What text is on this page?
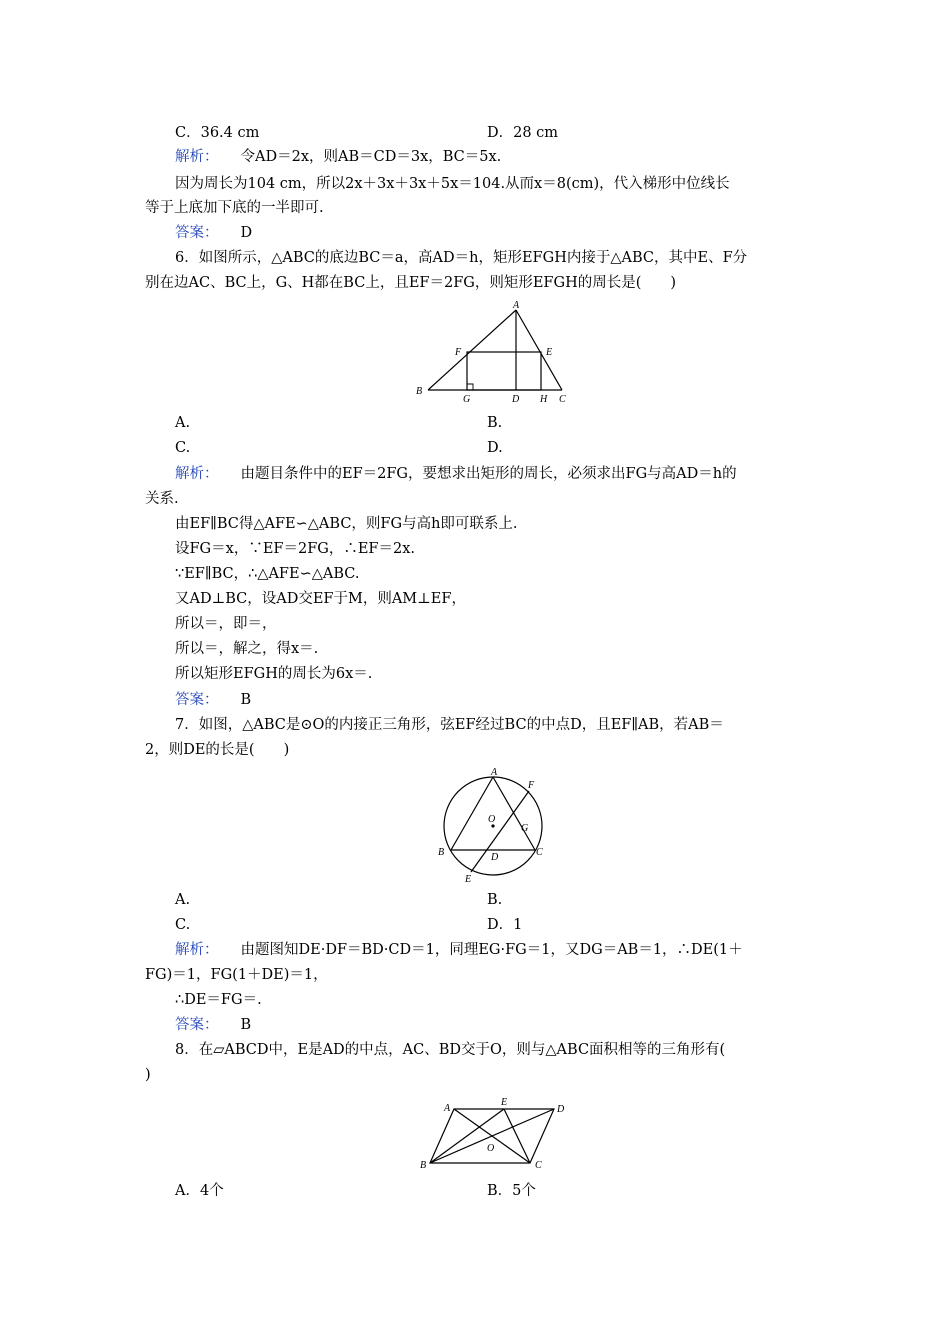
C．36.4 cm	D．28 cm
解析： 令AD＝2x，则AB＝CD＝3x，BC＝5x.
因为周长为104 cm，所以2x＋3x＋3x＋5x＝104.从而x＝8(cm)，代入梯形中位线长
等于上底加下底的一半即可.
答案： D
6．如图所示，△ABC的底边BC＝a，高AD＝h，矩形EFGH内接于△ABC，其中E、F分
别在边AC、BC上，G、H都在BC上，且EF＝2FG，则矩形EFGH的周长是(　　)
A
F	E
B
G	D H C
A.	B.
C.	D.
解析： 由题目条件中的EF＝2FG，要想求出矩形的周长，必须求出FG与高AD＝h的
关系.
由EF∥BC得△AFE∽△ABC，则FG与高h即可联系上.
设FG＝x，∵EF＝2FG，∴EF＝2x.
∵EF∥BC，∴△AFE∽△ABC.
又AD⊥BC，设AD交EF于M，则AM⊥EF，
所以＝，即＝，
所以＝，解之，得x＝.
所以矩形EFGH的周长为6x＝.
答案： B
7．如图，△ABC是⊙O的内接正三角形，弦EF经过BC的中点D，且EF∥AB，若AB＝
2，则DE的长是(　　)
A
F
O
G
B	D	C
E
A.	B.
C.	D．1
解析： 由题图知DE·DF＝BD·CD＝1，同理EG·FG＝1，又DG＝AB＝1，∴DE(1＋
FG)＝1，FG(1＋DE)＝1，
∴DE＝FG＝.
答案： B
8．在▱ABCD中，E是AD的中点，AC、BD交于O，则与△ABC面积相等的三角形有(
)
A
E
D
O
B	C
A．4个	B．5个
